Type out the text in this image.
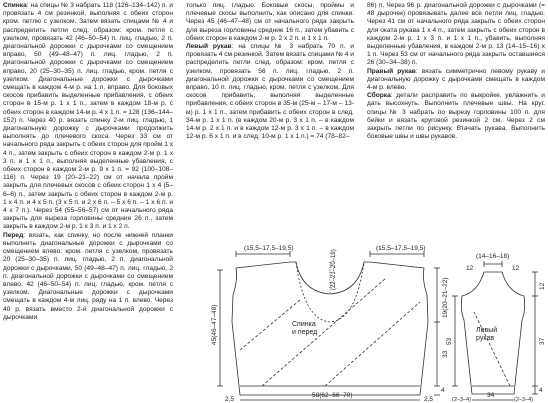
Спинка: на спицы № 3 набрать 118 (126–134–142) п. и провязать 4 см резинкой, выполняя с обеих сторон кром. петлю с узелком. Затем вязать спицами № 4 и распределить петли след. образом: кром. петля с узелком, провязать 42 (46–50–54) п. лиц. гладью, 2 п. диагональной дорожки с дырочками со смещением вправо, 50 (49–48–47) п. лиц. гладью, 2 п. диагональной дорожки с дырочками со смещением вправо, 20 (25–30–35) п. лиц. гладью, кром. петля с узелком. Диагональные дорожки с дырочками смещать в каждом 4-м р. на 1 п. вправо. Для боковых скосов прибавить выделенные прибавления, с обеих сторон в 15-м р. 1 х 1 п., затем в каждом 18-м р. с обеих сторон в каждом 14-м р. 4 х 1 п. = 128 (136–144–152) п. Через 40 р. вязать спинку 2-м лиц. гладью, 1 диагональную дорожку с дырочками продолжить выполнять до плечевого скоса. Через 33 см от начального ряда закрыть с обеих сторон для пройм 1 х 4 п., затем закрыть с обеих сторон в каждом 2-м р. 1 х 3 п. и 1 х 1 п., выполняя выделенные убавления, с обеих сторон в каждом 2-м р. 9 х 1 п. = 92 (100–108–116) п. Через 19 (20–21–22) см от начала пройм закрыть для плечевых скосов с обеих сторон 1 х 4 (5–6–6) п., затем закрыть с обеих сторон в каждом 2-м р. 1 х 4 п. и 4 х 5 п. (3 х 5 п. и 2 х 6 п. – 5 х 6 п. – 1 х 6 п. и 4 х 7 п.). Через 54 (55–56–57) см от начального ряда закрыть для выреза горловины средние 26 п., затем закрыть в каждом 2-м р. 1 х 3 п. и 1 х 2 п.

Перед: вязать, как спинку, но после нижней планки выполнить диагональные дорожки с дырочками со смещением влево: кром. петля с узелком, провязать 20 (25–30–35) п. лиц. гладью, 2 п. диагональной дорожки с дырочками, 50 (49–48–47) п. лиц. гладью, 2 п. диагональной дорожки с дырочками со смещением влево, 42 (46–50–54) п. лиц. гладью, кром. петля с узелком. Диагональные дорожки с дырочками смещать в каждом 4-м лиц. ряду на 1 п. влево. Через 40 р. вязать вместо 2-й диагональной дорожки с дырочками

только лиц. гладью. Боковые скосы, проймы и плечевые скосы выполнить, как описано для спинки. Через 45 (46–47–48) см от начального ряда закрыть для выреза горловины средние 16 п., затем убавить с обеих сторон в каждом 2-м р. 2 х 2 п. и 1 х 1 п.

Левый рукав: на спицы № 3 набрать 70 п. и провязать 4 см резинкой. Затем вязать спицами № 4 и распределить петли след. образом: кром. петля с узелком, провязать 56 п. лиц. гладью, 2 п. диагональной дорожки с дырочками со смещением вправо, 10 п. лиц. гладью, кром. петля с узелком. Для скосов прибавить, выполняя выделенные прибавления, с обеих сторон в 35-м (25-м – 17-м – 13-м) р. 1 х 1 п., затем прибавить с обеих сторон в след. 34-м р. 1 х 1 п. (в каждом 20-м р. 3 х 1 п. – в каждом 14-м р. 2 х 1 п. и в каждом 12-м р. 3 х 1 п. – в каждом 12-м р. 6 х 1 п. и в след. 10-м р. 1 х 1 п.) = 74 (78–82–

86) п. Через 96 р. диагональной дорожки с дырочками (= 48 дырочек) провязывать далее все петли лиц. гладью. Через 41 см от начального ряда закрыть с обеих сторон для оката рукава 1 х 4 п., затем закрыть с обеих сторон в каждом 2-м р. 1 х 3 п. и 1 х 1 п., убавить, выполняя выделенные убавления, в каждом 2-м р. 13 (14–15–16) х 1 п. Через 53 см от начального ряда закрыть оставшиеся 26 (30–34–38) п.

Правый рукав: вязать симметрично левому рукаву и диагональную дорожку с дырочками смещать в каждом 4-м р. влево.

Сборка: детали расправить по выкройке, увлажнить и дать высохнуть. Выполнить плечевые швы. На круг. спицы № 3 набрать по вырезу горловины 100 п. для бейки и вязать круговой резинкой 2 см. Через 2 см закрыть петли по рисунку. Втачать рукава. Выполнить боковые швы и швы рукавов.

(15,5–17,5–19,5)	(15,5–17,5–19,5)
(22–21–20–19)
45(46–47–48)
19(20–21–22)
33
4
58(62–66–70)
2,5	2,5
Спинка и перед
(14–16–18)
12	12
12
53	37
4
34
(2–3–4)	(2–3–4)
Левый рукав
